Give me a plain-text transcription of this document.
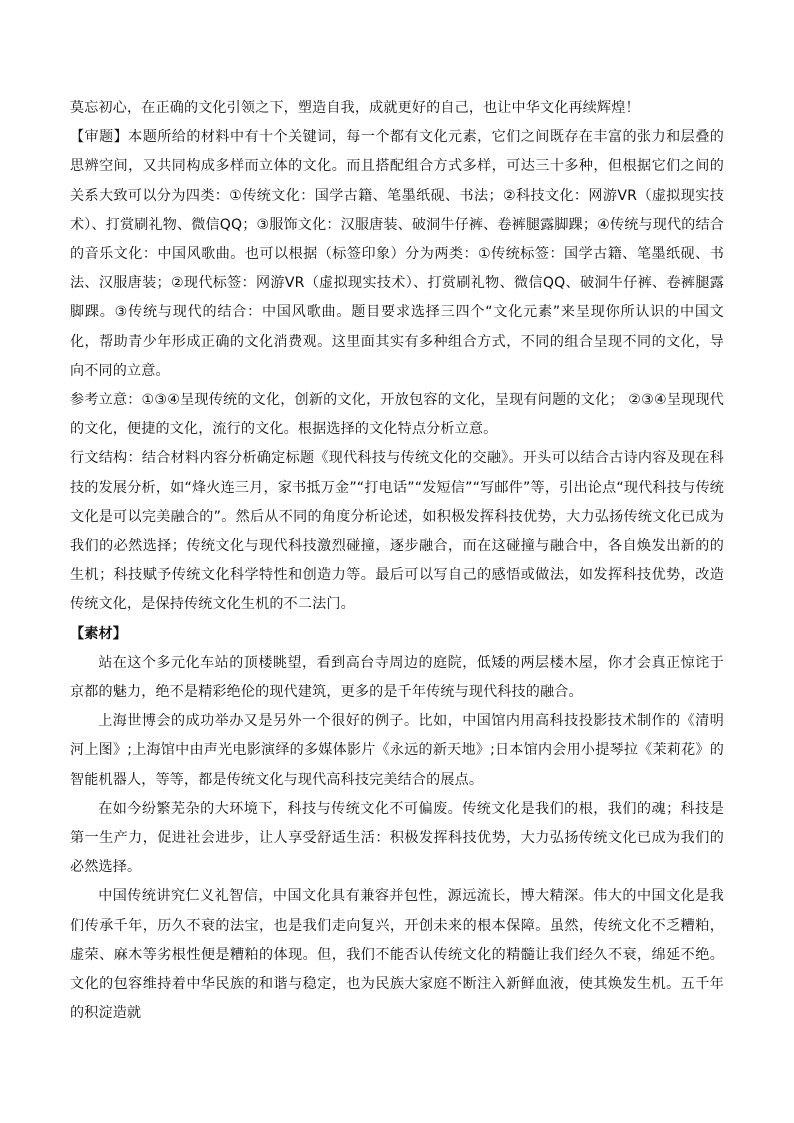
莫忘初心，在正确的文化引领之下，塑造自我，成就更好的自己，也让中华文化再续辉煌！

【审题】本题所给的材料中有十个关键词，每一个都有文化元素，它们之间既存在丰富的张力和层叠的思辨空间，又共同构成多样而立体的文化。而且搭配组合方式多样，可达三十多种，但根据它们之间的关系大致可以分为四类：①传统文化：国学古籍、笔墨纸砚、书法；②科技文化：网游VR（虚拟现实技术）、打赏刷礼物、微信QQ；③服饰文化：汉服唐装、破洞牛仔裤、卷裤腿露脚踝；④传统与现代的结合的音乐文化：中国风歌曲。也可以根据（标签印象）分为两类：①传统标签：国学古籍、笔墨纸砚、书法、汉服唐装；②现代标签：网游VR（虚拟现实技术）、打赏刷礼物、微信QQ、破洞牛仔裤、卷裤腿露脚踝。③传统与现代的结合：中国风歌曲。题目要求选择三四个“文化元素”来呈现你所认识的中国文化，帮助青少年形成正确的文化消费观。这里面其实有多种组合方式，不同的组合呈现不同的文化，导向不同的立意。

参考立意：①③④呈现传统的文化，创新的文化，开放包容的文化，呈现有问题的文化； ②③④呈现现代的文化，便捷的文化，流行的文化。根据选择的文化特点分析立意。

行文结构：结合材料内容分析确定标题《现代科技与传统文化的交融》。开头可以结合古诗内容及现在科技的发展分析，如“烽火连三月，家书抵万金”“打电话”“发短信”“写邮件”等，引出论点“现代科技与传统文化是可以完美融合的”。然后从不同的角度分析论述，如积极发挥科技优势，大力弘扬传统文化已成为我们的必然选择；传统文化与现代科技激烈碰撞，逐步融合，而在这碰撞与融合中，各自焕发出新的的生机；科技赋予传统文化科学特性和创造力等。最后可以写自己的感悟或做法，如发挥科技优势，改造传统文化，是保持传统文化生机的不二法门。

【素材】

站在这个多元化车站的顶楼眺望，看到高台寺周边的庭院，低矮的两层楼木屋，你才会真正惊诧于京都的魅力，绝不是精彩绝伦的现代建筑，更多的是千年传统与现代科技的融合。

上海世博会的成功举办又是另外一个很好的例子。比如，中国馆内用高科技投影技术制作的《清明河上图》;上海馆中由声光电影演绎的多媒体影片《永远的新天地》;日本馆内会用小提琴拉《茉莉花》的智能机器人，等等，都是传统文化与现代高科技完美结合的展点。

在如今纷繁芜杂的大环境下，科技与传统文化不可偏废。传统文化是我们的根，我们的魂；科技是第一生产力，促进社会进步，让人享受舒适生活：积极发挥科技优势，大力弘扬传统文化已成为我们的必然选择。

中国传统讲究仁义礼智信，中国文化具有兼容并包性，源远流长，博大精深。伟大的中国文化是我们传承千年，历久不衰的法宝，也是我们走向复兴，开创未来的根本保障。虽然，传统文化不乏糟粕，虚荣、麻木等劣根性便是糟粕的体现。但，我们不能否认传统文化的精髓让我们经久不衰，绵延不绝。文化的包容维持着中华民族的和谐与稳定，也为民族大家庭不断注入新鲜血液，使其焕发生机。五千年的积淀造就
